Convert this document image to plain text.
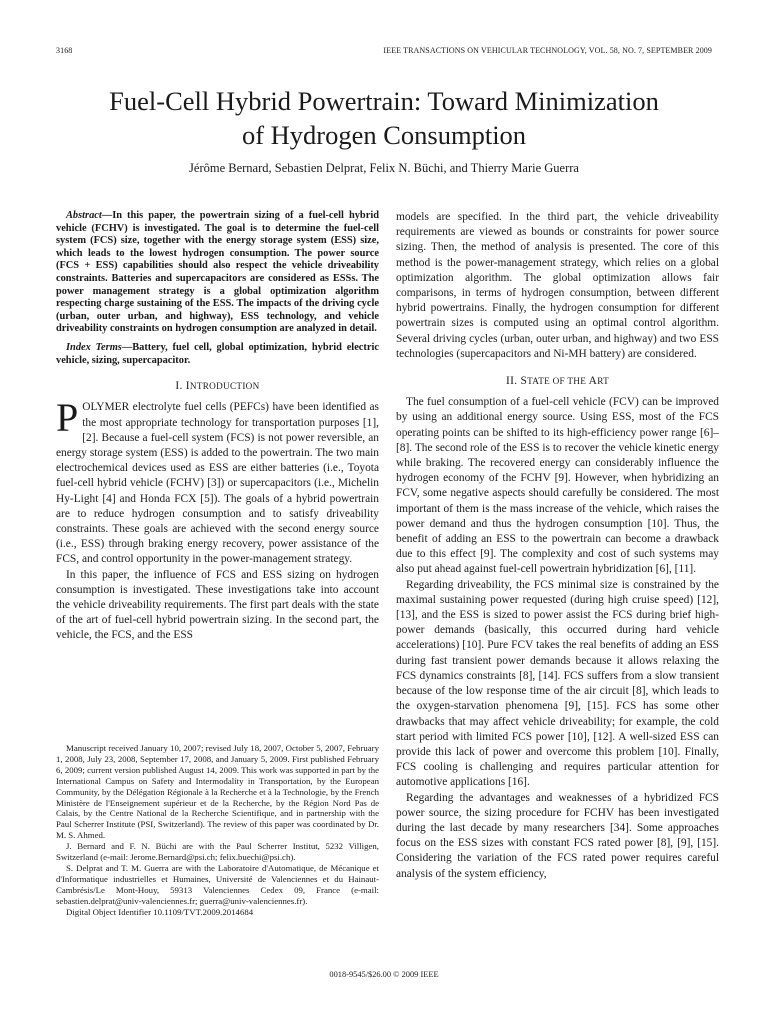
3168	IEEE TRANSACTIONS ON VEHICULAR TECHNOLOGY, VOL. 58, NO. 7, SEPTEMBER 2009
Fuel-Cell Hybrid Powertrain: Toward Minimization
of Hydrogen Consumption
Jérôme Bernard, Sebastien Delprat, Felix N. Büchi, and Thierry Marie Guerra

Abstract—In this paper, the powertrain sizing of a fuel-cell hybrid vehicle (FCHV) is investigated. The goal is to determine the fuel-cell system (FCS) size, together with the energy storage system (ESS) size, which leads to the lowest hydrogen consumption. The power source (FCS + ESS) capabilities should also respect the vehicle driveability constraints. Batteries and supercapacitors are considered as ESSs. The power management strategy is a global optimization algorithm respecting charge sustaining of the ESS. The impacts of the driving cycle (urban, outer urban, and highway), ESS technology, and vehicle driveability constraints on hydrogen consumption are analyzed in detail.

Index Terms—Battery, fuel cell, global optimization, hybrid electric vehicle, sizing, supercapacitor.

I. INTRODUCTION

POLYMER electrolyte fuel cells (PEFCs) have been identified as the most appropriate technology for transportation purposes [1], [2]. Because a fuel-cell system (FCS) is not power reversible, an energy storage system (ESS) is added to the powertrain. The two main electrochemical devices used as ESS are either batteries (i.e., Toyota fuel-cell hybrid vehicle (FCHV) [3]) or supercapacitors (i.e., Michelin Hy-Light [4] and Honda FCX [5]). The goals of a hybrid powertrain are to reduce hydrogen consumption and to satisfy driveability constraints. These goals are achieved with the second energy source (i.e., ESS) through braking energy recovery, power assistance of the FCS, and control opportunity in the power-management strategy.

In this paper, the influence of FCS and ESS sizing on hydrogen consumption is investigated. These investigations take into account the vehicle driveability requirements. The first part deals with the state of the art of fuel-cell hybrid powertrain sizing. In the second part, the vehicle, the FCS, and the ESS

Manuscript received January 10, 2007; revised July 18, 2007, October 5, 2007, February 1, 2008, July 23, 2008, September 17, 2008, and January 5, 2009. First published February 6, 2009; current version published August 14, 2009. This work was supported in part by the International Campus on Safety and Intermodality in Transportation, by the European Community, by the Délégation Régionale à la Recherche et à la Technologie, by the French Ministère de l'Enseignement supérieur et de la Recherche, by the Région Nord Pas de Calais, by the Centre National de la Recherche Scientifique, and in partnership with the Paul Scherrer Institute (PSI, Switzerland). The review of this paper was coordinated by Dr. M. S. Ahmed.

J. Bernard and F. N. Büchi are with the Paul Scherrer Institut, 5232 Villigen, Switzerland (e-mail: Jerome.Bernard@psi.ch; felix.buechi@psi.ch).

S. Delprat and T. M. Guerra are with the Laboratoire d'Automatique, de Mécanique et d'Informatique industrielles et Humaines, Université de Valenciennes et du Hainaut-Cambrésis/Le Mont-Houy, 59313 Valenciennes Cedex 09, France (e-mail: sebastien.delprat@univ-valenciennes.fr; guerra@univ-valenciennes.fr).

Digital Object Identifier 10.1109/TVT.2009.2014684

models are specified. In the third part, the vehicle driveability requirements are viewed as bounds or constraints for power source sizing. Then, the method of analysis is presented. The core of this method is the power-management strategy, which relies on a global optimization algorithm. The global optimization allows fair comparisons, in terms of hydrogen consumption, between different hybrid powertrains. Finally, the hydrogen consumption for different powertrain sizes is computed using an optimal control algorithm. Several driving cycles (urban, outer urban, and highway) and two ESS technologies (supercapacitors and Ni-MH battery) are considered.

II. STATE OF THE ART

The fuel consumption of a fuel-cell vehicle (FCV) can be improved by using an additional energy source. Using ESS, most of the FCS operating points can be shifted to its high-efficiency power range [6]–[8]. The second role of the ESS is to recover the vehicle kinetic energy while braking. The recovered energy can considerably influence the hydrogen economy of the FCHV [9]. However, when hybridizing an FCV, some negative aspects should carefully be considered. The most important of them is the mass increase of the vehicle, which raises the power demand and thus the hydrogen consumption [10]. Thus, the benefit of adding an ESS to the powertrain can become a drawback due to this effect [9]. The complexity and cost of such systems may also put ahead against fuel-cell powertrain hybridization [6], [11].

Regarding driveability, the FCS minimal size is constrained by the maximal sustaining power requested (during high cruise speed) [12], [13], and the ESS is sized to power assist the FCS during brief high-power demands (basically, this occurred during hard vehicle accelerations) [10]. Pure FCV takes the real benefits of adding an ESS during fast transient power demands because it allows relaxing the FCS dynamics constraints [8], [14]. FCS suffers from a slow transient because of the low response time of the air circuit [8], which leads to the oxygen-starvation phenomena [9], [15]. FCS has some other drawbacks that may affect vehicle driveability; for example, the cold start period with limited FCS power [10], [12]. A well-sized ESS can provide this lack of power and overcome this problem [10]. Finally, FCS cooling is challenging and requires particular attention for automotive applications [16].

Regarding the advantages and weaknesses of a hybridized FCS power source, the sizing procedure for FCHV has been investigated during the last decade by many researchers [34]. Some approaches focus on the ESS sizes with constant FCS rated power [8], [9], [15]. Considering the variation of the FCS rated power requires careful analysis of the system efficiency,

0018-9545/$26.00 © 2009 IEEE
